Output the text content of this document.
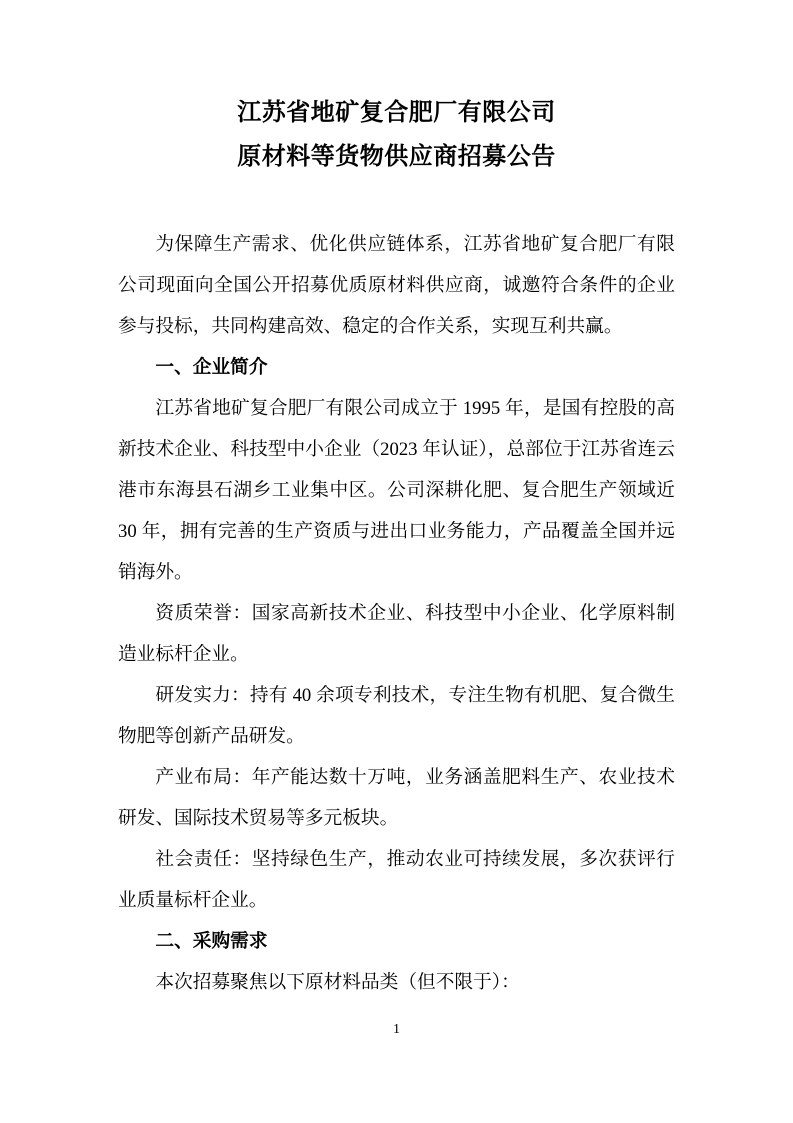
江苏省地矿复合肥厂有限公司
原材料等货物供应商招募公告

为保障生产需求、优化供应链体系，江苏省地矿复合肥厂有限公司现面向全国公开招募优质原材料供应商，诚邀符合条件的企业参与投标，共同构建高效、稳定的合作关系，实现互利共赢。

一、企业简介

江苏省地矿复合肥厂有限公司成立于 1995 年，是国有控股的高新技术企业、科技型中小企业（2023 年认证），总部位于江苏省连云港市东海县石湖乡工业集中区。公司深耕化肥、复合肥生产领域近 30 年，拥有完善的生产资质与进出口业务能力，产品覆盖全国并远销海外。

资质荣誉：国家高新技术企业、科技型中小企业、化学原料制造业标杆企业。

研发实力：持有 40 余项专利技术，专注生物有机肥、复合微生物肥等创新产品研发。

产业布局：年产能达数十万吨，业务涵盖肥料生产、农业技术研发、国际技术贸易等多元板块。

社会责任：坚持绿色生产，推动农业可持续发展，多次获评行业质量标杆企业。

二、采购需求

本次招募聚焦以下原材料品类（但不限于）：

1
